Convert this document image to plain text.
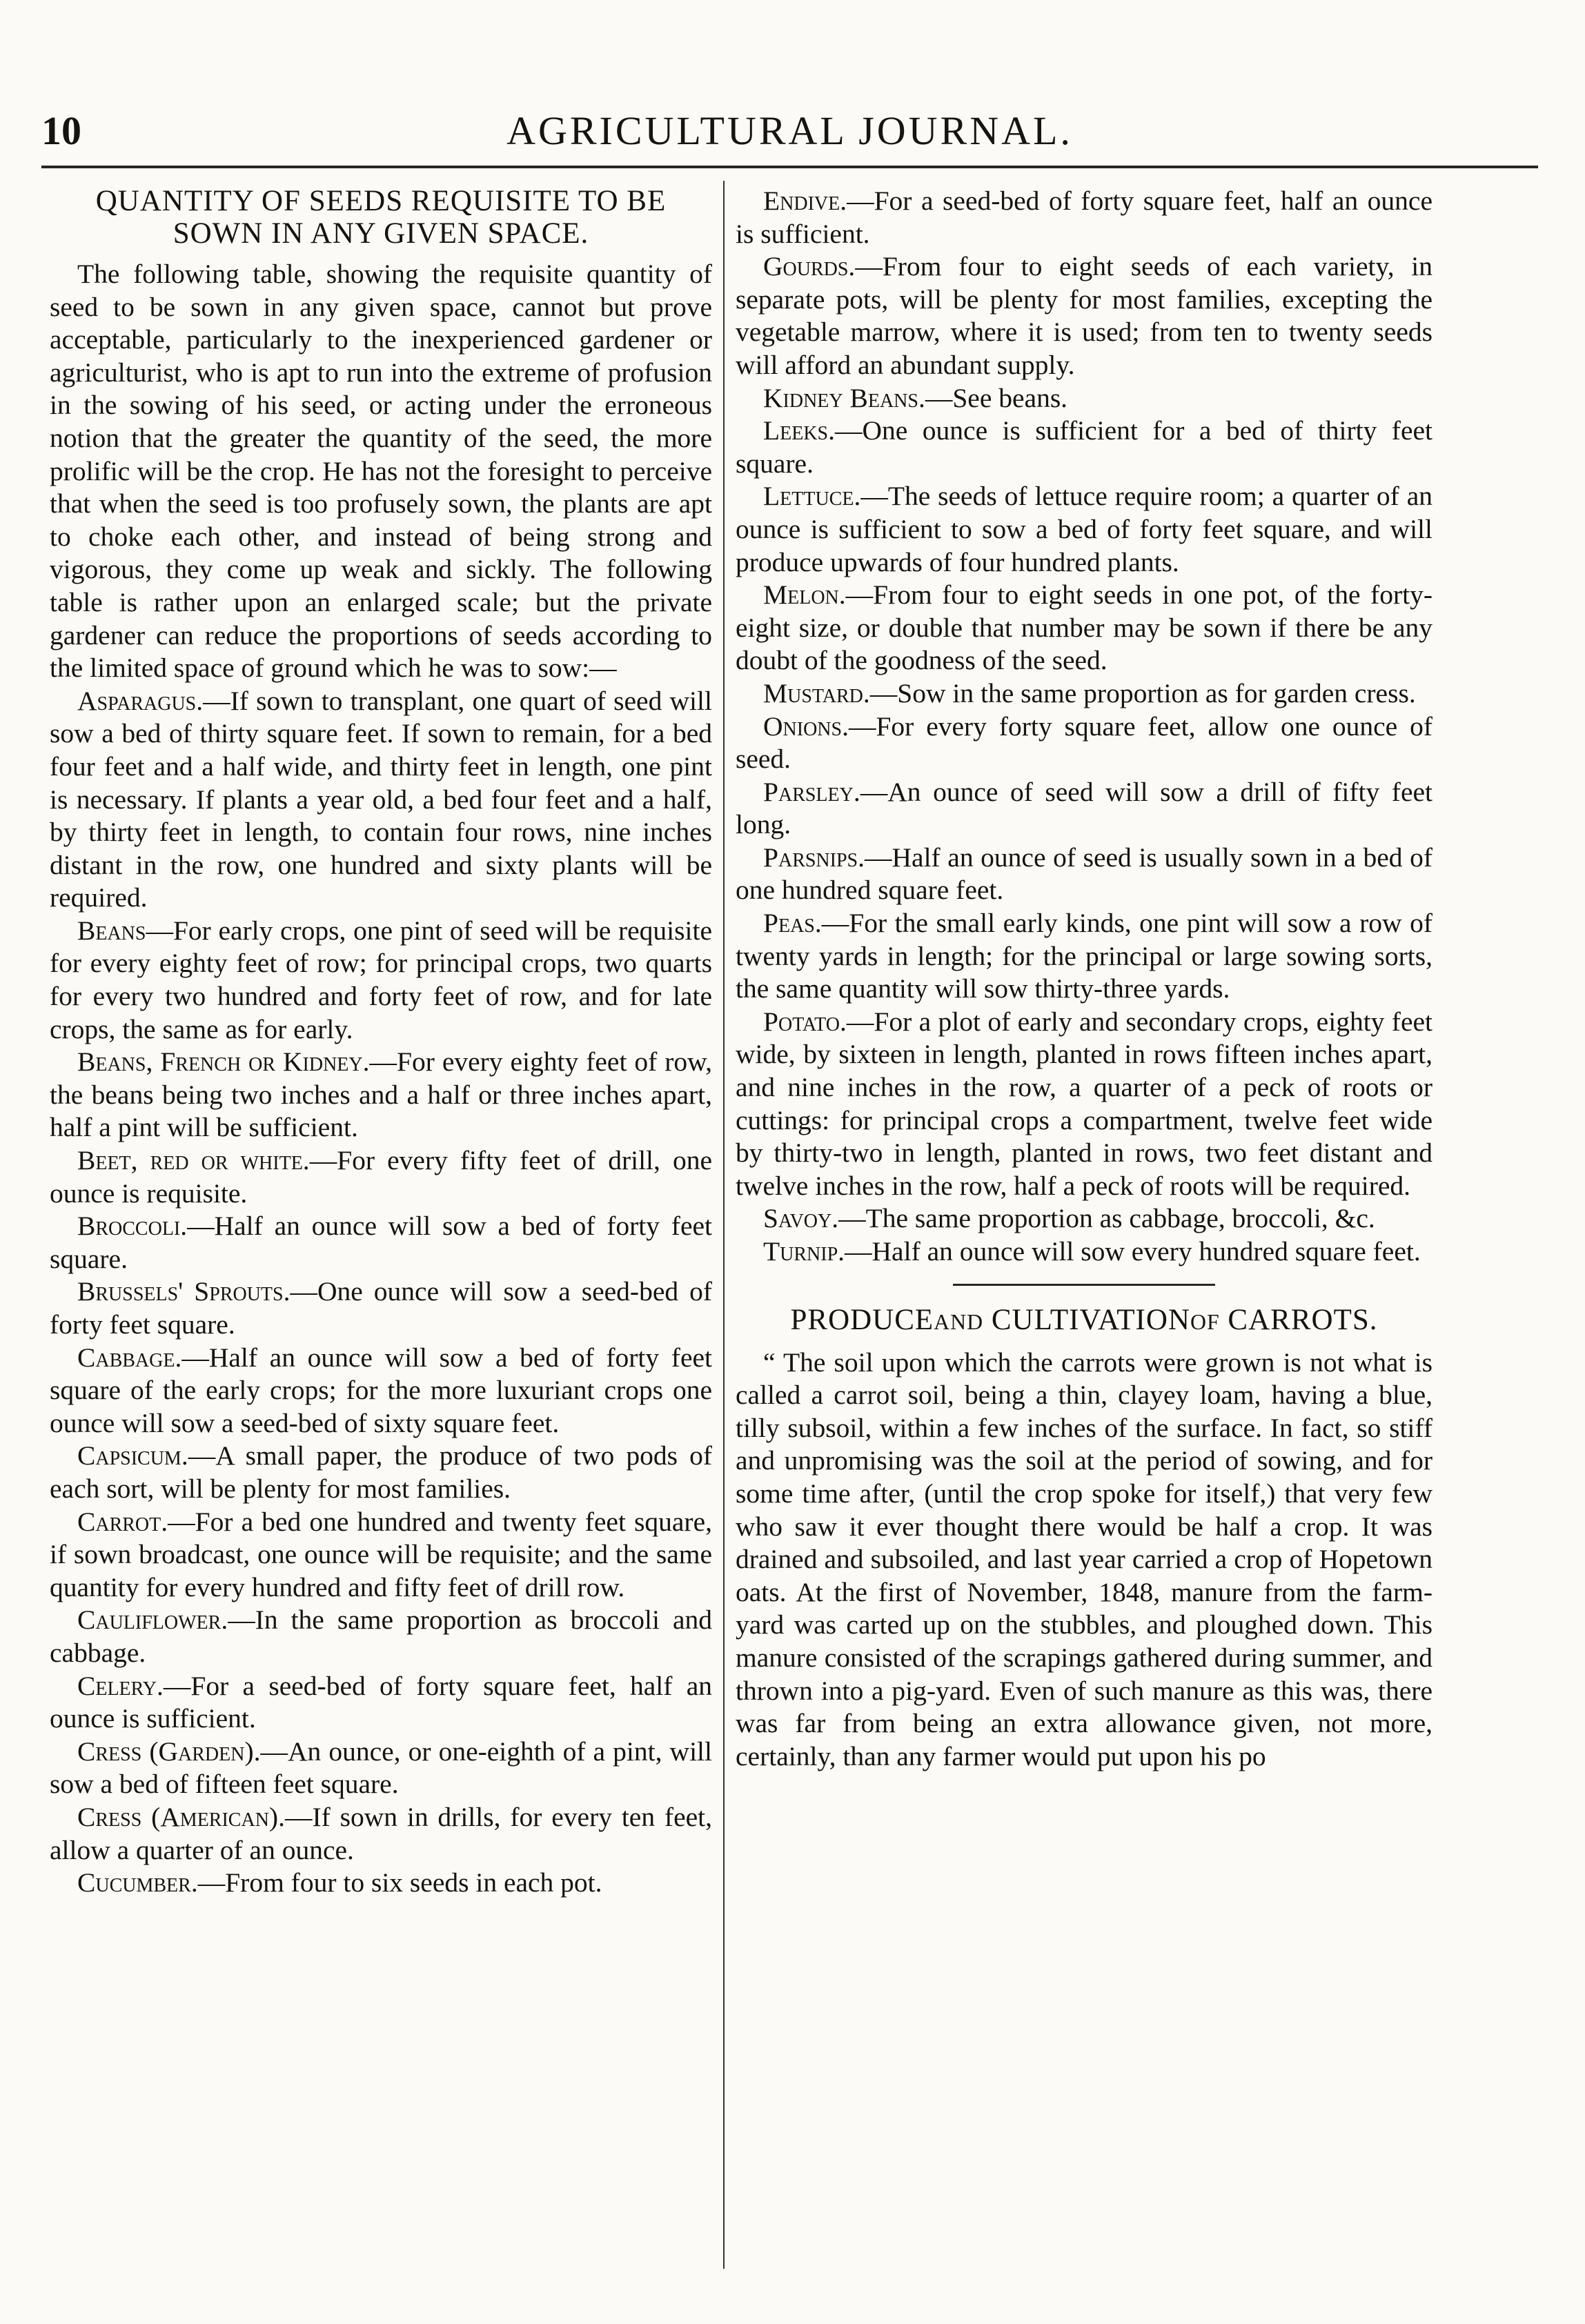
10	AGRICULTURAL JOURNAL.
QUANTITY OF SEEDS REQUISITE TO BE SOWN IN ANY GIVEN SPACE.

The following table, showing the requisite quantity of seed to be sown in any given space, cannot but prove acceptable, particularly to the inexperienced gardener or agriculturist, who is apt to run into the extreme of profusion in the sowing of his seed, or acting under the erroneous notion that the greater the quantity of the seed, the more prolific will be the crop. He has not the foresight to perceive that when the seed is too profusely sown, the plants are apt to choke each other, and instead of being strong and vigorous, they come up weak and sickly. The following table is rather upon an enlarged scale; but the private gardener can reduce the proportions of seeds according to the limited space of ground which he was to sow:—

Asparagus.—If sown to transplant, one quart of seed will sow a bed of thirty square feet. If sown to remain, for a bed four feet and a half wide, and thirty feet in length, one pint is necessary. If plants a year old, a bed four feet and a half, by thirty feet in length, to contain four rows, nine inches distant in the row, one hundred and sixty plants will be required.

Beans—For early crops, one pint of seed will be requisite for every eighty feet of row; for principal crops, two quarts for every two hundred and forty feet of row, and for late crops, the same as for early.

Beans, French or Kidney.—For every eighty feet of row, the beans being two inches and a half or three inches apart, half a pint will be sufficient.

Beet, red or white.—For every fifty feet of drill, one ounce is requisite.

Broccoli.—Half an ounce will sow a bed of forty feet square.

Brussels' Sprouts.—One ounce will sow a seed-bed of forty feet square.

Cabbage.—Half an ounce will sow a bed of forty feet square of the early crops; for the more luxuriant crops one ounce will sow a seed-bed of sixty square feet.

Capsicum.—A small paper, the produce of two pods of each sort, will be plenty for most families.

Carrot.—For a bed one hundred and twenty feet square, if sown broadcast, one ounce will be requisite; and the same quantity for every hundred and fifty feet of drill row.

Cauliflower.—In the same proportion as broccoli and cabbage.

Celery.—For a seed-bed of forty square feet, half an ounce is sufficient.

Cress (Garden).—An ounce, or one-eighth of a pint, will sow a bed of fifteen feet square.

Cress (American).—If sown in drills, for every ten feet, allow a quarter of an ounce.

Cucumber.—From four to six seeds in each pot.

Endive.—For a seed-bed of forty square feet, half an ounce is sufficient.

Gourds.—From four to eight seeds of each variety, in separate pots, will be plenty for most families, excepting the vegetable marrow, where it is used; from ten to twenty seeds will afford an abundant supply.

Kidney Beans.—See beans.

Leeks.—One ounce is sufficient for a bed of thirty feet square.

Lettuce.—The seeds of lettuce require room; a quarter of an ounce is sufficient to sow a bed of forty feet square, and will produce upwards of four hundred plants.

Melon.—From four to eight seeds in one pot, of the forty-eight size, or double that number may be sown if there be any doubt of the goodness of the seed.

Mustard.—Sow in the same proportion as for garden cress.

Onions.—For every forty square feet, allow one ounce of seed.

Parsley.—An ounce of seed will sow a drill of fifty feet long.

Parsnips.—Half an ounce of seed is usually sown in a bed of one hundred square feet.

Peas.—For the small early kinds, one pint will sow a row of twenty yards in length; for the principal or large sowing sorts, the same quantity will sow thirty-three yards.

Potato.—For a plot of early and secondary crops, eighty feet wide, by sixteen in length, planted in rows fifteen inches apart, and nine inches in the row, a quarter of a peck of roots or cuttings: for principal crops a compartment, twelve feet wide by thirty-two in length, planted in rows, two feet distant and twelve inches in the row, half a peck of roots will be required.

Savoy.—The same proportion as cabbage, broccoli, &c.

Turnip.—Half an ounce will sow every hundred square feet.

PRODUCEAND CULTIVATIONOF CARROTS.

“ The soil upon which the carrots were grown is not what is called a carrot soil, being a thin, clayey loam, having a blue, tilly subsoil, within a few inches of the surface. In fact, so stiff and unpromising was the soil at the period of sowing, and for some time after, (until the crop spoke for itself,) that very few who saw it ever thought there would be half a crop. It was drained and subsoiled, and last year carried a crop of Hopetown oats. At the first of November, 1848, manure from the farm-yard was carted up on the stubbles, and ploughed down. This manure consisted of the scrapings gathered during summer, and thrown into a pig-yard. Even of such manure as this was, there was far from being an extra allowance given, not more, certainly, than any farmer would put upon his po
